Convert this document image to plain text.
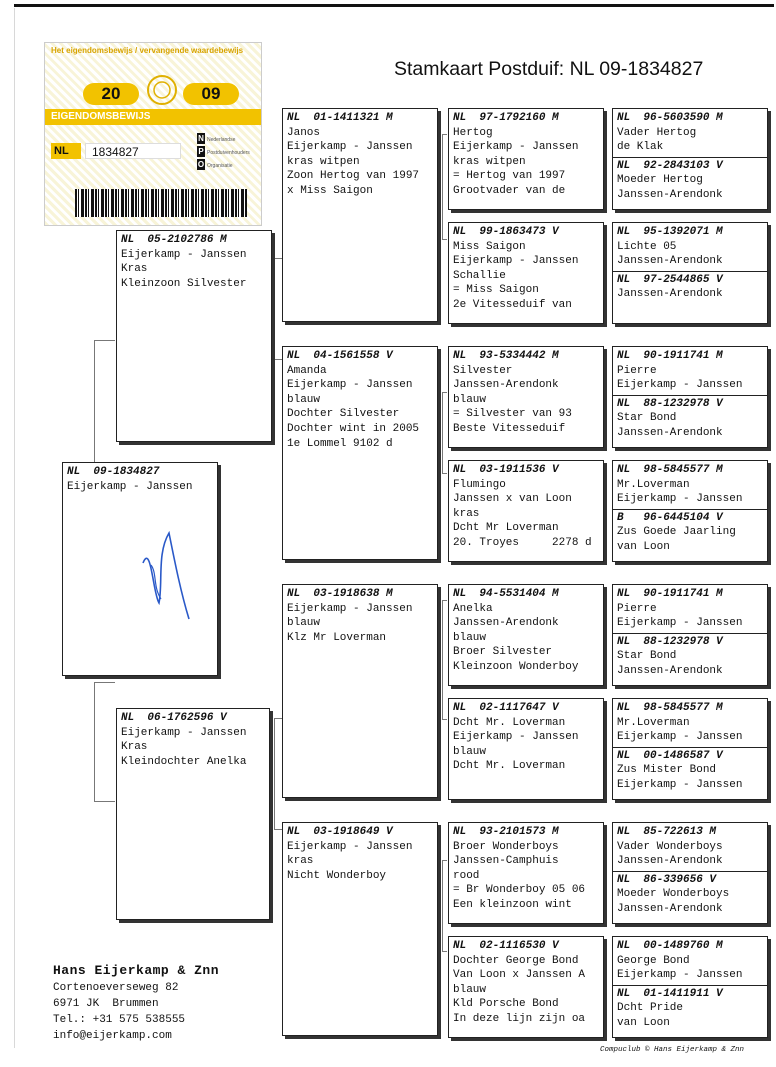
Stamkaart Postduif: NL 09-1834827
Het eigendomsbewijs / vervangende waardebewijs
20	09
EIGENDOMSBEWIJS
NL	1834827
N Nederlandse
P Postduivenhouders
O Organisatie
NL  09-1834827
Eijerkamp - Janssen
NL  05-2102786 M
Eijerkamp - Janssen
Kras
Kleinzoon Silvester
NL  06-1762596 V
Eijerkamp - Janssen
Kras
Kleindochter Anelka
NL  01-1411321 M
Janos
Eijerkamp - Janssen
kras witpen
Zoon Hertog van 1997
x Miss Saigon
NL  04-1561558 V
Amanda
Eijerkamp - Janssen
blauw
Dochter Silvester
Dochter wint in 2005
1e Lommel 9102 d
NL  03-1918638 M
Eijerkamp - Janssen
blauw
Klz Mr Loverman
NL  03-1918649 V
Eijerkamp - Janssen
kras
Nicht Wonderboy
NL  97-1792160 M
Hertog
Eijerkamp - Janssen
kras witpen
= Hertog van 1997
Grootvader van de
NL  99-1863473 V
Miss Saigon
Eijerkamp - Janssen
Schallie
= Miss Saigon
2e Vitesseduif van
NL  93-5334442 M
Silvester
Janssen-Arendonk
blauw
= Silvester van 93
Beste Vitesseduif
NL  03-1911536 V
Flumingo
Janssen x van Loon
kras
Dcht Mr Loverman
20. Troyes     2278 d
NL  94-5531404 M
Anelka
Janssen-Arendonk
blauw
Broer Silvester
Kleinzoon Wonderboy
NL  02-1117647 V
Dcht Mr. Loverman
Eijerkamp - Janssen
blauw
Dcht Mr. Loverman
NL  93-2101573 M
Broer Wonderboys
Janssen-Camphuis
rood
= Br Wonderboy 05 06
Een kleinzoon wint
NL  02-1116530 V
Dochter George Bond
Van Loon x Janssen A
blauw
Kld Porsche Bond
In deze lijn zijn oa
NL  96-5603590 M
Vader Hertog
de Klak
NL  92-2843103 V
Moeder Hertog
Janssen-Arendonk
NL  95-1392071 M
Lichte 05
Janssen-Arendonk
NL  97-2544865 V
Janssen-Arendonk
NL  90-1911741 M
Pierre
Eijerkamp - Janssen
NL  88-1232978 V
Star Bond
Janssen-Arendonk
NL  98-5845577 M
Mr.Loverman
Eijerkamp - Janssen
B   96-6445104 V
Zus Goede Jaarling
van Loon
NL  90-1911741 M
Pierre
Eijerkamp - Janssen
NL  88-1232978 V
Star Bond
Janssen-Arendonk
NL  98-5845577 M
Mr.Loverman
Eijerkamp - Janssen
NL  00-1486587 V
Zus Mister Bond
Eijerkamp - Janssen
NL  85-722613 M
Vader Wonderboys
Janssen-Arendonk
NL  86-339656 V
Moeder Wonderboys
Janssen-Arendonk
NL  00-1489760 M
George Bond
Eijerkamp - Janssen
NL  01-1411911 V
Dcht Pride
van Loon
Hans Eijerkamp & Znn
Cortenoeverseweg 82
6971 JK  Brummen
Tel.: +31 575 538555
info@eijerkamp.com
Compuclub © Hans Eijerkamp & Znn
